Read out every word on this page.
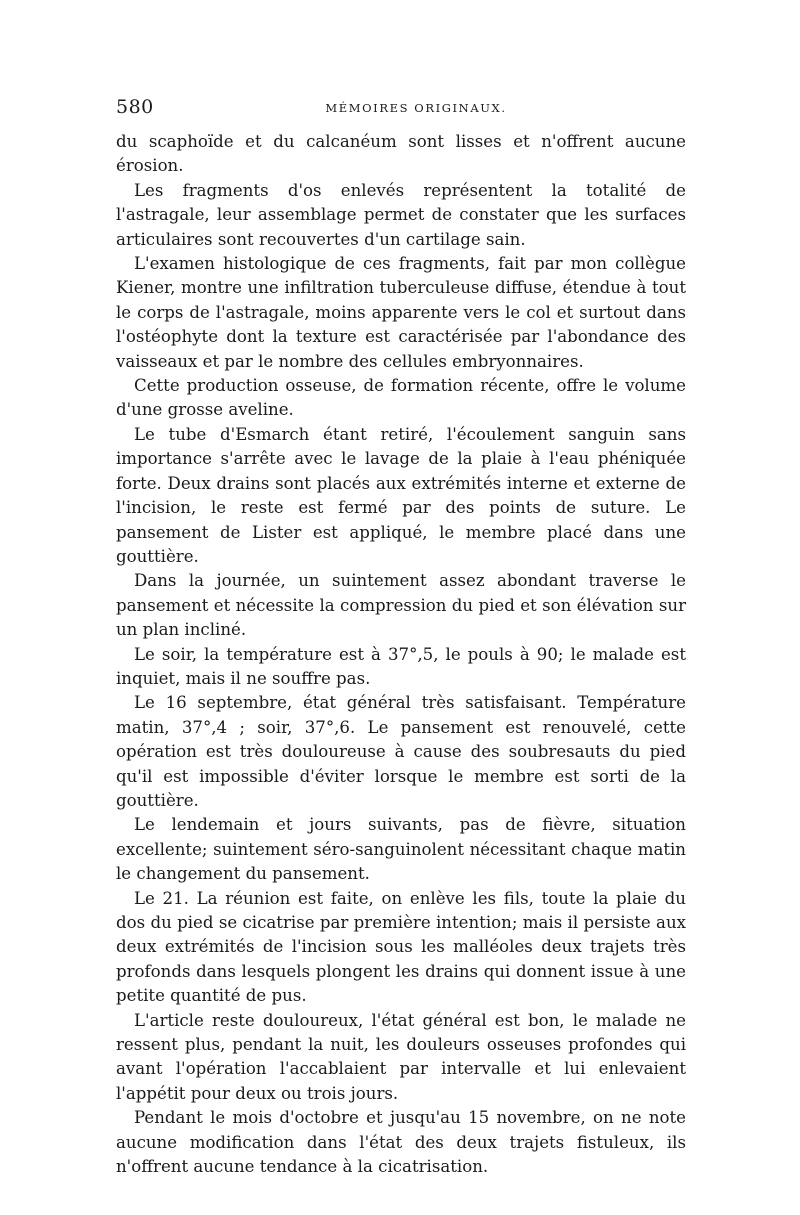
580	MÉMOIRES ORIGINAUX.

du scaphoïde et du calcanéum sont lisses et n'offrent aucune érosion.

Les fragments d'os enlevés représentent la totalité de l'astragale, leur assemblage permet de constater que les surfaces articulaires sont recouvertes d'un cartilage sain.

L'examen histologique de ces fragments, fait par mon collègue Kiener, montre une infiltration tuberculeuse diffuse, étendue à tout le corps de l'astragale, moins apparente vers le col et surtout dans l'ostéophyte dont la texture est caractérisée par l'abondance des vaisseaux et par le nombre des cellules embryonnaires.

Cette production osseuse, de formation récente, offre le volume d'une grosse aveline.

Le tube d'Esmarch étant retiré, l'écoulement sanguin sans importance s'arrête avec le lavage de la plaie à l'eau phéniquée forte. Deux drains sont placés aux extrémités interne et externe de l'incision, le reste est fermé par des points de suture. Le pansement de Lister est appliqué, le membre placé dans une gouttière.

Dans la journée, un suintement assez abondant traverse le pansement et nécessite la compression du pied et son élévation sur un plan incliné.

Le soir, la température est à 37°,5, le pouls à 90; le malade est inquiet, mais il ne souffre pas.

Le 16 septembre, état général très satisfaisant. Température matin, 37°,4 ; soir, 37°,6. Le pansement est renouvelé, cette opération est très douloureuse à cause des soubresauts du pied qu'il est impossible d'éviter lorsque le membre est sorti de la gouttière.

Le lendemain et jours suivants, pas de fièvre, situation excellente; suintement séro-sanguinolent nécessitant chaque matin le changement du pansement.

Le 21. La réunion est faite, on enlève les fils, toute la plaie du dos du pied se cicatrise par première intention; mais il persiste aux deux extrémités de l'incision sous les malléoles deux trajets très profonds dans lesquels plongent les drains qui donnent issue à une petite quantité de pus.

L'article reste douloureux, l'état général est bon, le malade ne ressent plus, pendant la nuit, les douleurs osseuses profondes qui avant l'opération l'accablaient par intervalle et lui enlevaient l'appétit pour deux ou trois jours.

Pendant le mois d'octobre et jusqu'au 15 novembre, on ne note aucune modification dans l'état des deux trajets fistuleux, ils n'offrent aucune tendance à la cicatrisation.
